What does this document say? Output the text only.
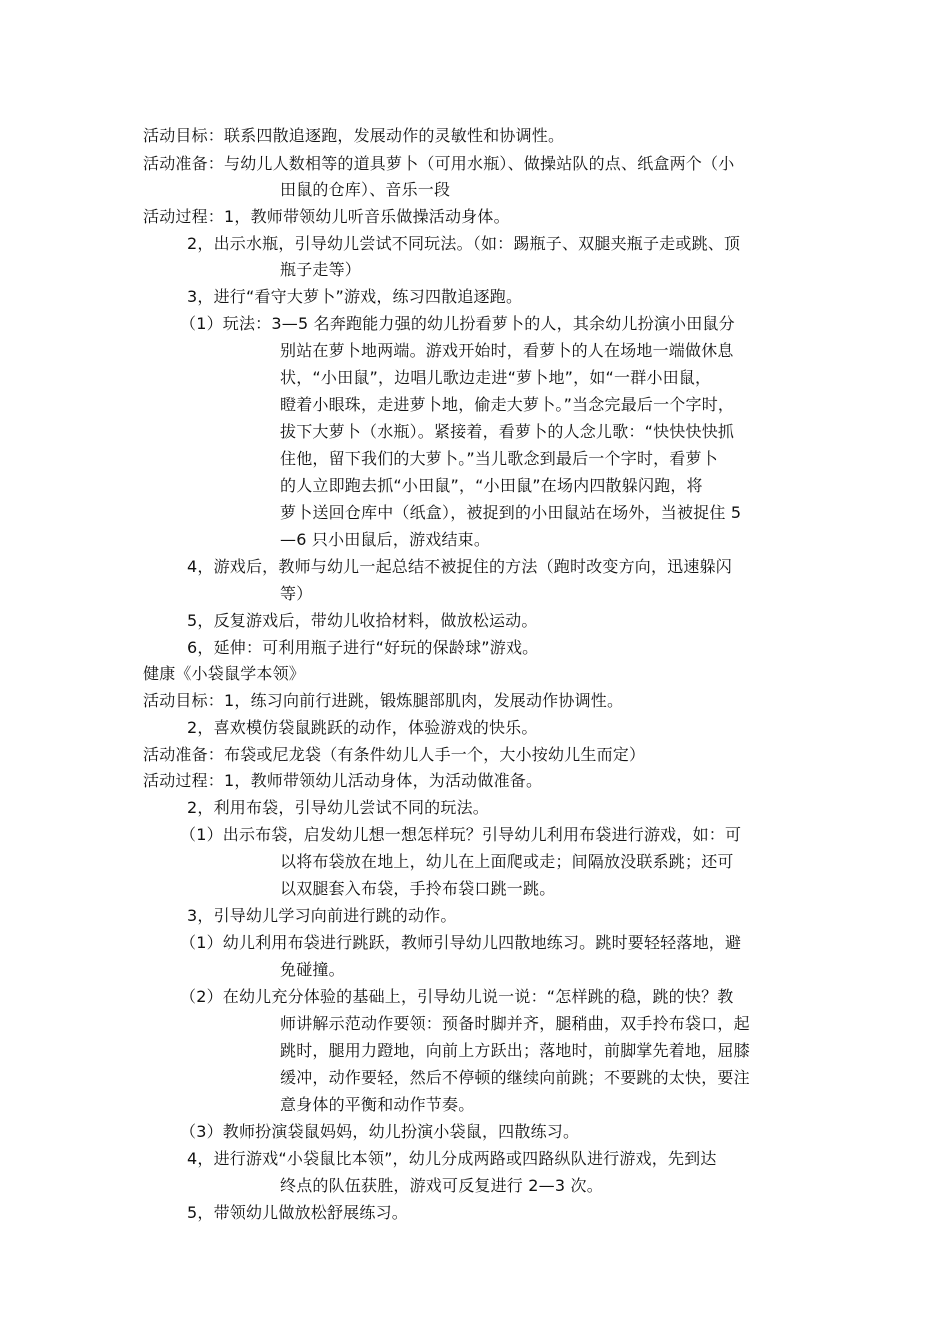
活动目标：联系四散追逐跑，发展动作的灵敏性和协调性。
活动准备：与幼儿人数相等的道具萝卜（可用水瓶）、做操站队的点、纸盒两个（小
田鼠的仓库）、音乐一段
活动过程：1，教师带领幼儿听音乐做操活动身体。
2，出示水瓶，引导幼儿尝试不同玩法。（如：踢瓶子、双腿夹瓶子走或跳、顶
瓶子走等）
3，进行“看守大萝卜”游戏，练习四散追逐跑。
（1）玩法：3—5 名奔跑能力强的幼儿扮看萝卜的人，其余幼儿扮演小田鼠分
别站在萝卜地两端。游戏开始时，看萝卜的人在场地一端做休息
状，“小田鼠”，边唱儿歌边走进“萝卜地”，如“一群小田鼠，
瞪着小眼珠，走进萝卜地，偷走大萝卜。”当念完最后一个字时，
拔下大萝卜（水瓶）。紧接着，看萝卜的人念儿歌：“快快快快抓
住他，留下我们的大萝卜。”当儿歌念到最后一个字时，看萝卜
的人立即跑去抓“小田鼠”，“小田鼠”在场内四散躲闪跑，将
萝卜送回仓库中（纸盒），被捉到的小田鼠站在场外，当被捉住 5
—6 只小田鼠后，游戏结束。
4，游戏后，教师与幼儿一起总结不被捉住的方法（跑时改变方向，迅速躲闪
等）
5，反复游戏后，带幼儿收拾材料，做放松运动。
6，延伸：可利用瓶子进行“好玩的保龄球”游戏。
健康《小袋鼠学本领》
活动目标：1，练习向前行进跳，锻炼腿部肌肉，发展动作协调性。
2，喜欢模仿袋鼠跳跃的动作，体验游戏的快乐。
活动准备：布袋或尼龙袋（有条件幼儿人手一个，大小按幼儿生而定）
活动过程：1，教师带领幼儿活动身体，为活动做准备。
2，利用布袋，引导幼儿尝试不同的玩法。
（1）出示布袋，启发幼儿想一想怎样玩？引导幼儿利用布袋进行游戏，如：可
以将布袋放在地上，幼儿在上面爬或走；间隔放没联系跳；还可
以双腿套入布袋，手拎布袋口跳一跳。
3，引导幼儿学习向前进行跳的动作。
（1）幼儿利用布袋进行跳跃，教师引导幼儿四散地练习。跳时要轻轻落地，避
免碰撞。
（2）在幼儿充分体验的基础上，引导幼儿说一说：“怎样跳的稳，跳的快？教
师讲解示范动作要领：预备时脚并齐，腿稍曲，双手拎布袋口，起
跳时，腿用力蹬地，向前上方跃出；落地时，前脚掌先着地，屈膝
缓冲，动作要轻，然后不停顿的继续向前跳；不要跳的太快，要注
意身体的平衡和动作节奏。
（3）教师扮演袋鼠妈妈，幼儿扮演小袋鼠，四散练习。
4，进行游戏“小袋鼠比本领”，幼儿分成两路或四路纵队进行游戏，先到达
终点的队伍获胜，游戏可反复进行 2—3 次。
5，带领幼儿做放松舒展练习。
